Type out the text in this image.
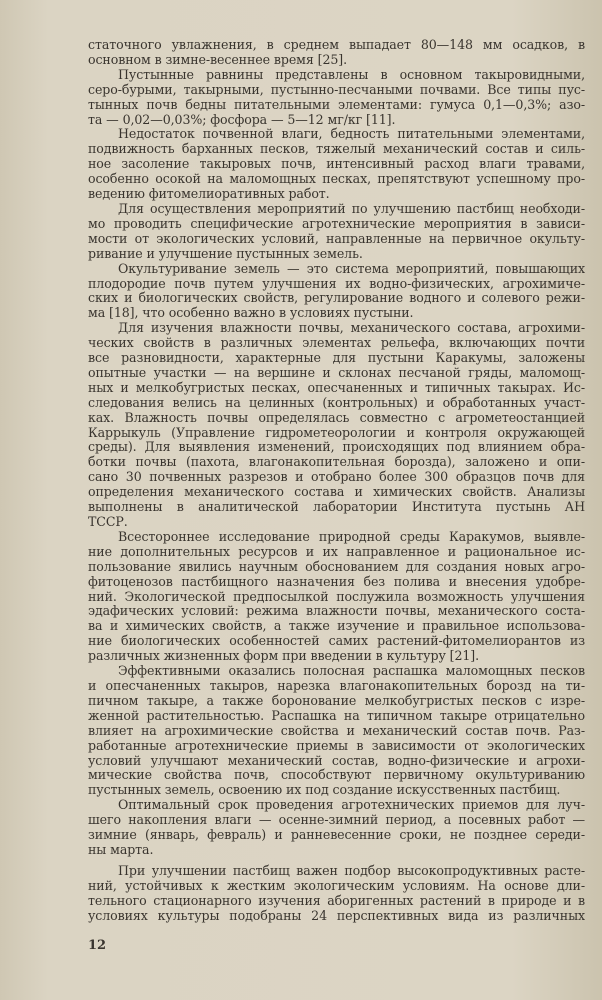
статочного увлажнения, в среднем выпадает 80—148 мм осадков, в
основном в зимне-весеннее время [25].
Пустынные равнины представлены в основном такыровидными,
серо-бурыми, такырными, пустынно-песчаными почвами. Все типы пус-
тынных почв бедны питательными элементами: гумуса 0,1—0,3%; азо-
та — 0,02—0,03%; фосфора — 5—12 мг/кг [11].
Недостаток почвенной влаги, бедность питательными элементами,
подвижность барханных песков, тяжелый механический состав и силь-
ное засоление такыровых почв, интенсивный расход влаги травами,
особенно осокой на маломощных песках, препятствуют успешному про-
ведению фитомелиоративных работ.
Для осуществления мероприятий по улучшению пастбищ необходи-
мо проводить специфические агротехнические мероприятия в зависи-
мости от экологических условий, направленные на первичное окульту-
ривание и улучшение пустынных земель.
Окультуривание земель — это система мероприятий, повышающих
плодородие почв путем улучшения их водно-физических, агрохимиче-
ских и биологических свойств, регулирование водного и солевого режи-
ма [18], что особенно важно в условиях пустыни.
Для изучения влажности почвы, механического состава, агрохими-
ческих свойств в различных элементах рельефа, включающих почти
все разновидности, характерные для пустыни Каракумы, заложены
опытные участки — на вершине и склонах песчаной гряды, маломощ-
ных и мелкобугристых песках, опесчаненных и типичных такырах. Ис-
следования велись на целинных (контрольных) и обработанных участ-
ках. Влажность почвы определялась совместно с агрометеостанцией
Каррыкуль (Управление гидрометеорологии и контроля окружающей
среды). Для выявления изменений, происходящих под влиянием обра-
ботки почвы (пахота, влагонакопительная борозда), заложено и опи-
сано 30 почвенных разрезов и отобрано более 300 образцов почв для
определения механического состава и химических свойств. Анализы
выполнены в аналитической лаборатории Института пустынь АН
ТССР.
Всестороннее исследование природной среды Каракумов, выявле-
ние дополнительных ресурсов и их направленное и рациональное ис-
пользование явились научным обоснованием для создания новых агро-
фитоценозов пастбищного назначения без полива и внесения удобре-
ний. Экологической предпосылкой послужила возможность улучшения
эдафических условий: режима влажности почвы, механического соста-
ва и химических свойств, а также изучение и правильное использова-
ние биологических особенностей самих растений-фитомелиорантов из
различных жизненных форм при введении в культуру [21].
Эффективными оказались полосная распашка маломощных песков
и опесчаненных такыров, нарезка влагонакопительных борозд на ти-
пичном такыре, а также боронование мелкобугристых песков с изре-
женной растительностью. Распашка на типичном такыре отрицательно
влияет на агрохимические свойства и механический состав почв. Раз-
работанные агротехнические приемы в зависимости от экологических
условий улучшают механический состав, водно-физические и агрохи-
мические свойства почв, способствуют первичному окультуриванию
пустынных земель, освоению их под создание искусственных пастбищ.
Оптимальный срок проведения агротехнических приемов для луч-
шего накопления влаги — осенне-зимний период, а посевных работ —
зимние (январь, февраль) и ранневесенние сроки, не позднее середи-
ны марта.
При улучшении пастбищ важен подбор высокопродуктивных расте-
ний, устойчивых к жестким экологическим условиям. На основе дли-
тельного стационарного изучения аборигенных растений в природе и в
условиях культуры подобраны 24 перспективных вида из различных
12
